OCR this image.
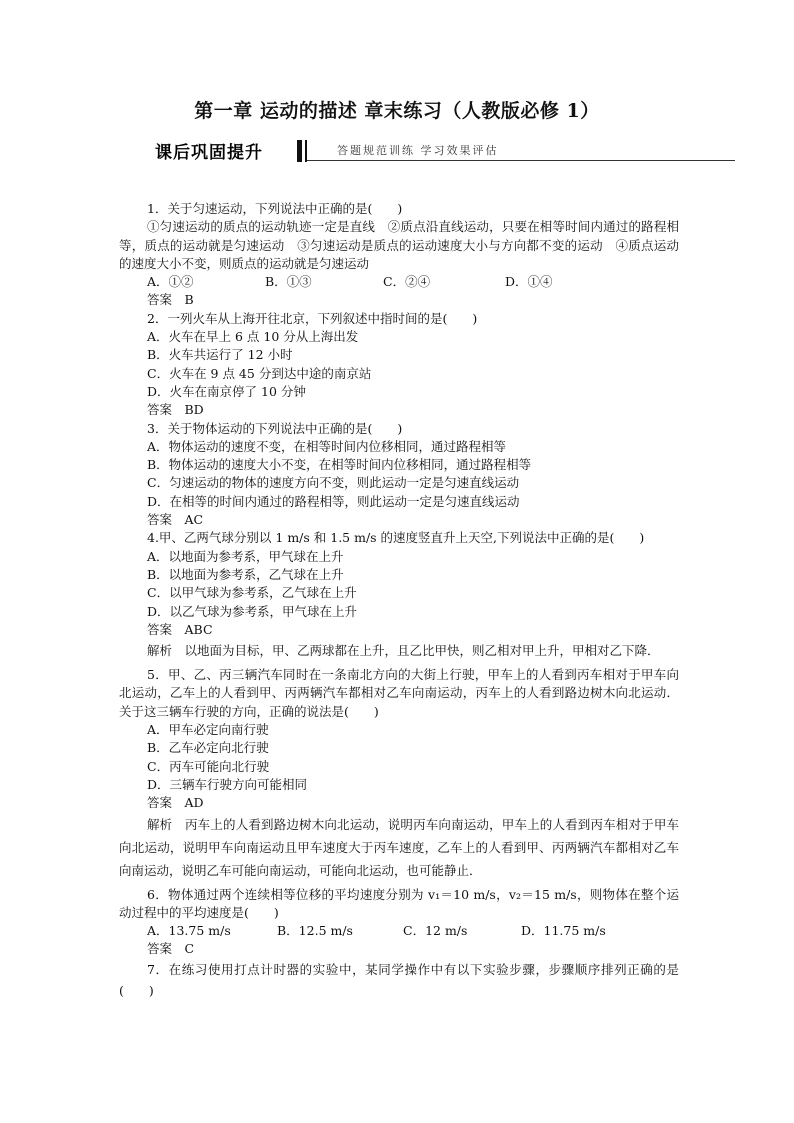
第一章 运动的描述 章末练习（人教版必修 1）
课后巩固提升	答题规范训练 学习效果评估
1．关于匀速运动，下列说法中正确的是(　　)
①匀速运动的质点的运动轨迹一定是直线　②质点沿直线运动，只要在相等时间内通过的路程相等，质点的运动就是匀速运动　③匀速运动是质点的运动速度大小与方向都不变的运动　④质点运动的速度大小不变，则质点的运动就是匀速运动
A．①②	B．①③	C．②④	D．①④
答案　B
2．一列火车从上海开往北京，下列叙述中指时间的是(　　)
A．火车在早上 6 点 10 分从上海出发
B．火车共运行了 12 小时
C．火车在 9 点 45 分到达中途的南京站
D．火车在南京停了 10 分钟
答案　BD
3．关于物体运动的下列说法中正确的是(　　)
A．物体运动的速度不变，在相等时间内位移相同，通过路程相等
B．物体运动的速度大小不变，在相等时间内位移相同，通过路程相等
C．匀速运动的物体的速度方向不变，则此运动一定是匀速直线运动
D．在相等的时间内通过的路程相等，则此运动一定是匀速直线运动
答案　AC
4.甲、乙两气球分别以 1 m/s 和 1.5 m/s 的速度竖直升上天空,下列说法中正确的是(　　)
A．以地面为参考系，甲气球在上升
B．以地面为参考系，乙气球在上升
C．以甲气球为参考系，乙气球在上升
D．以乙气球为参考系，甲气球在上升
答案　ABC
解析　以地面为目标，甲、乙两球都在上升，且乙比甲快，则乙相对甲上升，甲相对乙下降．
5．甲、乙、丙三辆汽车同时在一条南北方向的大街上行驶，甲车上的人看到丙车相对于甲车向北运动，乙车上的人看到甲、丙两辆汽车都相对乙车向南运动，丙车上的人看到路边树木向北运动．关于这三辆车行驶的方向，正确的说法是(　　)
A．甲车必定向南行驶
B．乙车必定向北行驶
C．丙车可能向北行驶
D．三辆车行驶方向可能相同
答案　AD
解析　丙车上的人看到路边树木向北运动，说明丙车向南运动，甲车上的人看到丙车相对于甲车向北运动，说明甲车向南运动且甲车速度大于丙车速度，乙车上的人看到甲、丙两辆汽车都相对乙车向南运动，说明乙车可能向南运动，可能向北运动，也可能静止．
6．物体通过两个连续相等位移的平均速度分别为 v₁＝10 m/s，v₂＝15 m/s，则物体在整个运动过程中的平均速度是(　　)
A．13.75 m/s	B．12.5 m/s	C．12 m/s	D．11.75 m/s
答案　C
7．在练习使用打点计时器的实验中，某同学操作中有以下实验步骤，步骤顺序排列正确的是(　　)
